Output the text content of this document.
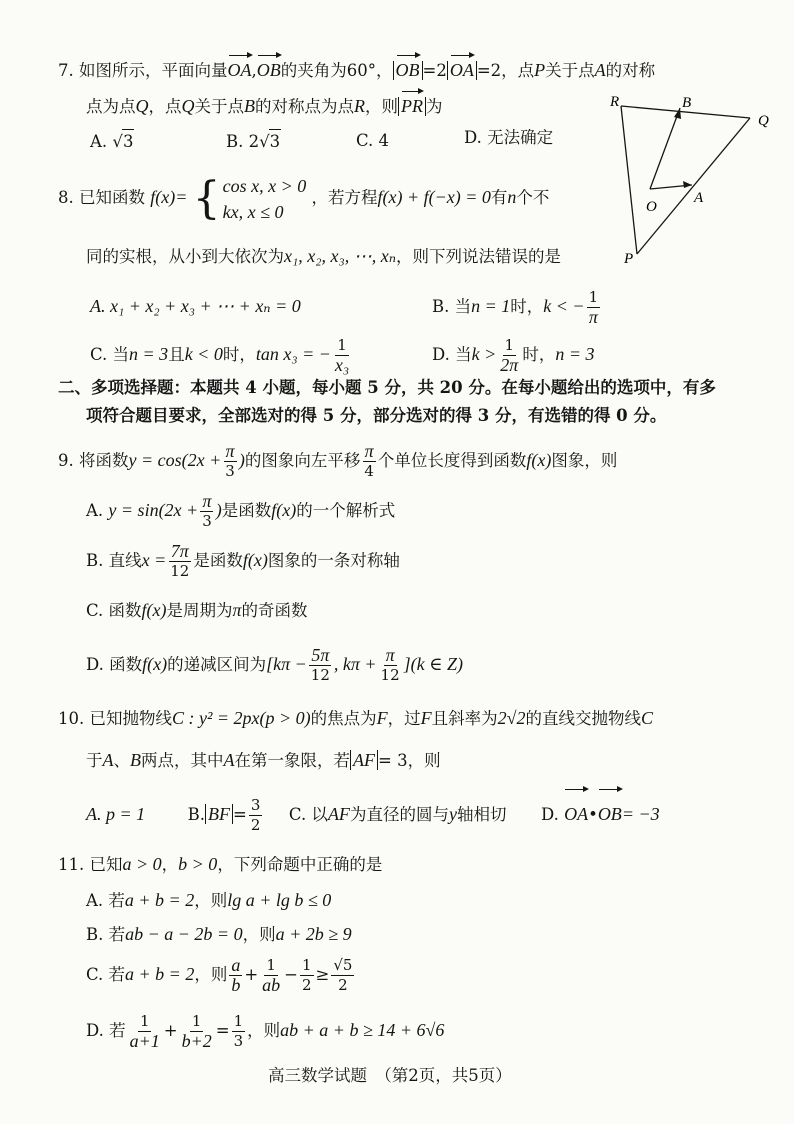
7. 如图所示，平面向量OA,OB的夹角为60°， OB =2 OA =2，点P关于点A的对称
点为点Q，点Q关于点B的对称点为点R，则 PR 为
A. √3	B. 2√3	C. 4	D. 无法确定
R	B
Q
O
A
P
8. 已知函数 f(x)= { cos x, x > 0
kx, x ≤ 0
，若方程f(x) + f(−x) = 0有n个不
同的实根，从小到大依次为x₁, x₂, x₃, ⋯, xₙ，则下列说法错误的是
A. x₁ + x₂ + x₃ + ⋯ + xₙ = 0	B. 当n = 1时，k < − $\frac{1}{\pi}$
C. 当n = 3且k < 0时，tan x₃ = − $\frac{1}{\text{x₃}}$	D. 当$k > \frac{1}{2\pi}$ 时，n = 3
二、多项选择题：本题共 4 小题，每小题 5 分，共 20 分。在每小题给出的选项中，有多
项符合题目要求，全部选对的得 5 分，部分选对的得 3 分，有选错的得 0 分。
9. 将函数$y = \cos(2x + \frac{\pi}{3}$ )的图象向左平移 $\frac{\pi}{4}$ 个单位长度得到函数f(x)图象，则
A. $y = \sin(2x + \frac{\pi}{3}$ )是函数f(x)的一个解析式
B. 直线$x = \frac{7\pi}{12}$ 是函数f(x)图象的一条对称轴
C. 函数f(x)是周期为π的奇函数
D. 函数f(x)的递减区间为[$k\pi - \frac{5\pi}{12}$ , $k\pi + \frac{\pi}{12} ](k$ ∈ Z)
10. 已知抛物线C : y² = 2px(p > 0)的焦点为F，过F且斜率为2√2的直线交抛物线C
于A、B两点，其中A在第一象限，若 AF = 3，则
A. p = 1	B. BF = $\frac{3}{2} C$. 以AF为直径的圆与y轴相切 D. OA•OB= −3
11. 已知a > 0，b > 0，下列命题中正确的是
A. 若a + b = 2，则lg a + lg b ≤ 0
B. 若ab − a − 2b = 0，则a + 2b ≥ 9
C. 若a + b = 2，则 $\frac{a}{b} + \frac{1}{ab} - \frac{1}{2} \ge \frac{√5}{2}$
D. 若 $\frac{1}{a+1} + \frac{1}{b+2} = \frac{1}{3}$ ，则ab + a + b ≥ 14 + 6√6
高三数学试题　（第2页，共5页）
